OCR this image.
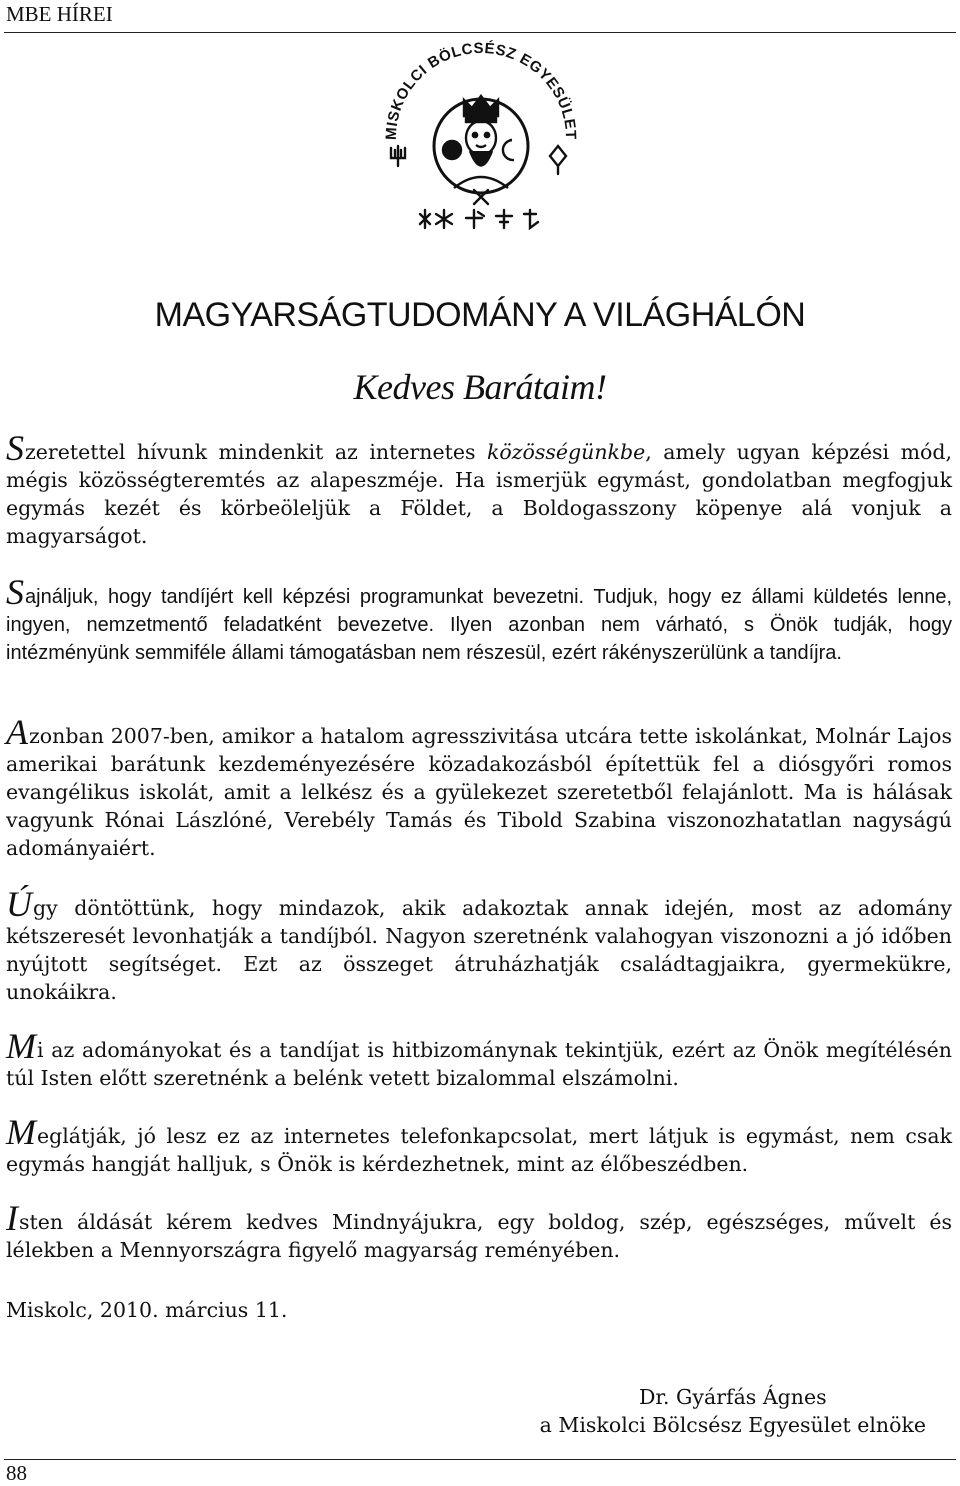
MBE HÍREI
MISKOLCI BÖLCSÉSZ EGYESÜLET
MAGYARSÁGTUDOMÁNY A VILÁGHÁLÓN
Kedves Barátaim!

Szeretettel hívunk mindenkit az internetes közösségünkbe, amely ugyan képzési mód, mégis közösségteremtés az alapeszméje. Ha ismerjük egymást, gondolatban megfogjuk egymás kezét és körbeöleljük a Földet, a Boldogasszony köpenye alá vonjuk a magyarságot.

Sajnáljuk, hogy tandíjért kell képzési programunkat bevezetni. Tudjuk, hogy ez állami küldetés lenne, ingyen, nemzetmentő feladatként bevezetve. Ilyen azonban nem várható, s Önök tudják, hogy intézményünk semmiféle állami támogatásban nem részesül, ezért rákényszerülünk a tandíjra.

Azonban 2007-ben, amikor a hatalom agresszivitása utcára tette iskolánkat, Molnár Lajos amerikai barátunk kezdeményezésére közadakozásból építettük fel a diósgyőri romos evangélikus iskolát, amit a lelkész és a gyülekezet szeretetből felajánlott. Ma is hálásak vagyunk Rónai Lászlóné, Verebély Tamás és Tibold Szabina viszonozhatatlan nagyságú adományaiért.

Úgy döntöttünk, hogy mindazok, akik adakoztak annak idején, most az adomány kétszeresét levonhatják a tandíjból. Nagyon szeretnénk valahogyan viszonozni a jó időben nyújtott segítséget. Ezt az összeget átruházhatják családtagjaikra, gyermekükre, unokáikra.

Mi az adományokat és a tandíjat is hitbizománynak tekintjük, ezért az Önök megítélésén túl Isten előtt szeretnénk a belénk vetett bizalommal elszámolni.

Meglátják, jó lesz ez az internetes telefonkapcsolat, mert látjuk is egymást, nem csak egymás hangját halljuk, s Önök is kérdezhetnek, mint az élőbeszédben.

Isten áldását kérem kedves Mindnyájukra, egy boldog, szép, egészséges, művelt és lélekben a Mennyországra figyelő magyarság reményében.

Miskolc, 2010. március 11.
Dr. Gyárfás Ágnes
a Miskolci Bölcsész Egyesület elnöke
88
